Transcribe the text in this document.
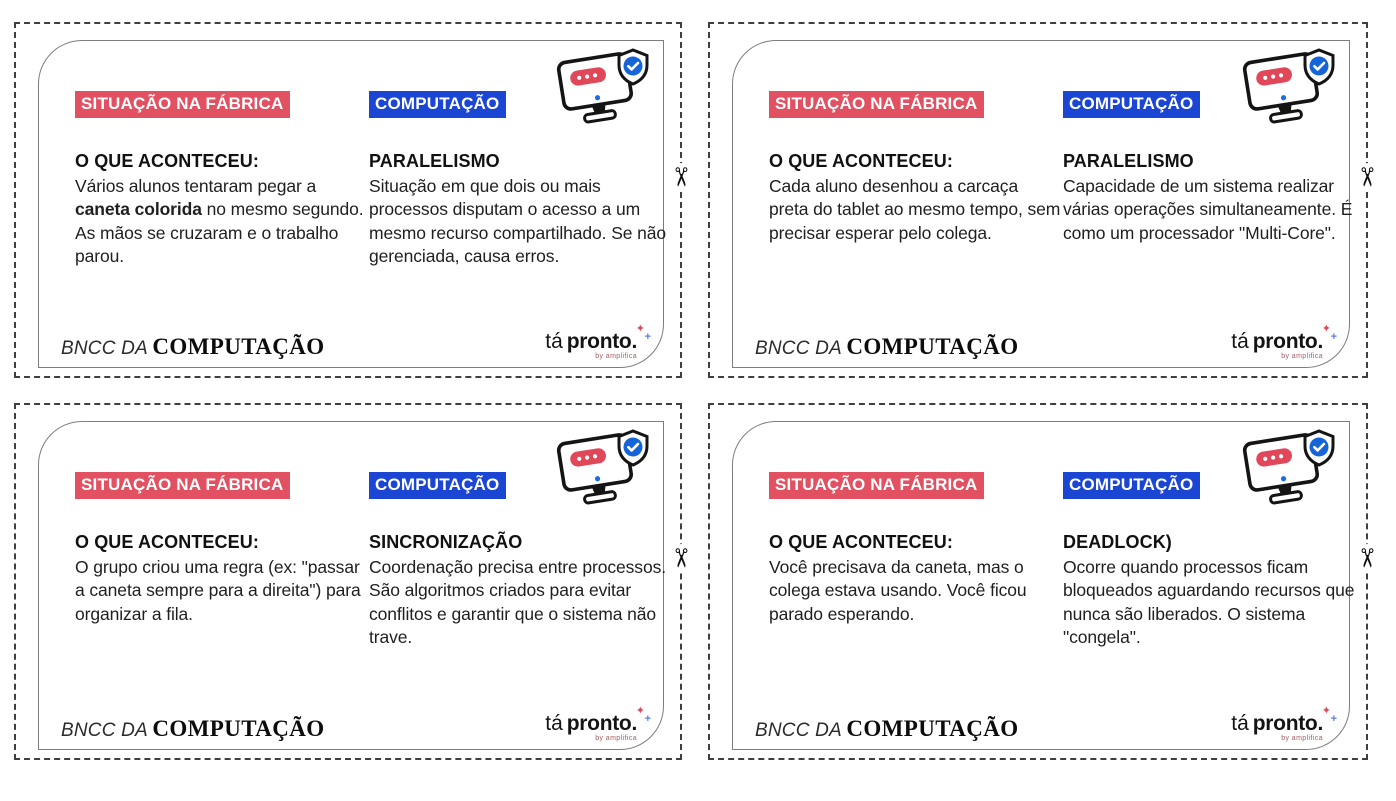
✂
SITUAÇÃO NA FÁBRICA	COMPUTAÇÃO
O QUE ACONTECEU:

Vários alunos tentaram pegar a caneta colorida no mesmo segundo. As mãos se cruzaram e o trabalho parou.

PARALELISMO

Situação em que dois ou mais processos disputam o acesso a um mesmo recurso compartilhado. Se não gerenciada, causa erros.

BNCC DA COMPUTAÇÃO	tá pronto.
✦
+
by amplifica
✂
SITUAÇÃO NA FÁBRICA	COMPUTAÇÃO
O QUE ACONTECEU:

Cada aluno desenhou a carcaça preta do tablet ao mesmo tempo, sem precisar esperar pelo colega.

PARALELISMO

Capacidade de um sistema realizar várias operações simultaneamente. É como um processador "Multi-Core".

BNCC DA COMPUTAÇÃO	tá pronto.
✦
+
by amplifica
✂
SITUAÇÃO NA FÁBRICA	COMPUTAÇÃO
O QUE ACONTECEU:

O grupo criou uma regra (ex: "passar a caneta sempre para a direita") para organizar a fila.

SINCRONIZAÇÃO

Coordenação precisa entre processos. São algoritmos criados para evitar conflitos e garantir que o sistema não trave.

BNCC DA COMPUTAÇÃO	tá pronto.
✦
+
by amplifica
✂
SITUAÇÃO NA FÁBRICA	COMPUTAÇÃO
O QUE ACONTECEU:

Você precisava da caneta, mas o colega estava usando. Você ficou parado esperando.

DEADLOCK)

Ocorre quando processos ficam bloqueados aguardando recursos que nunca são liberados. O sistema "congela".

BNCC DA COMPUTAÇÃO	tá pronto.
✦
+
by amplifica
